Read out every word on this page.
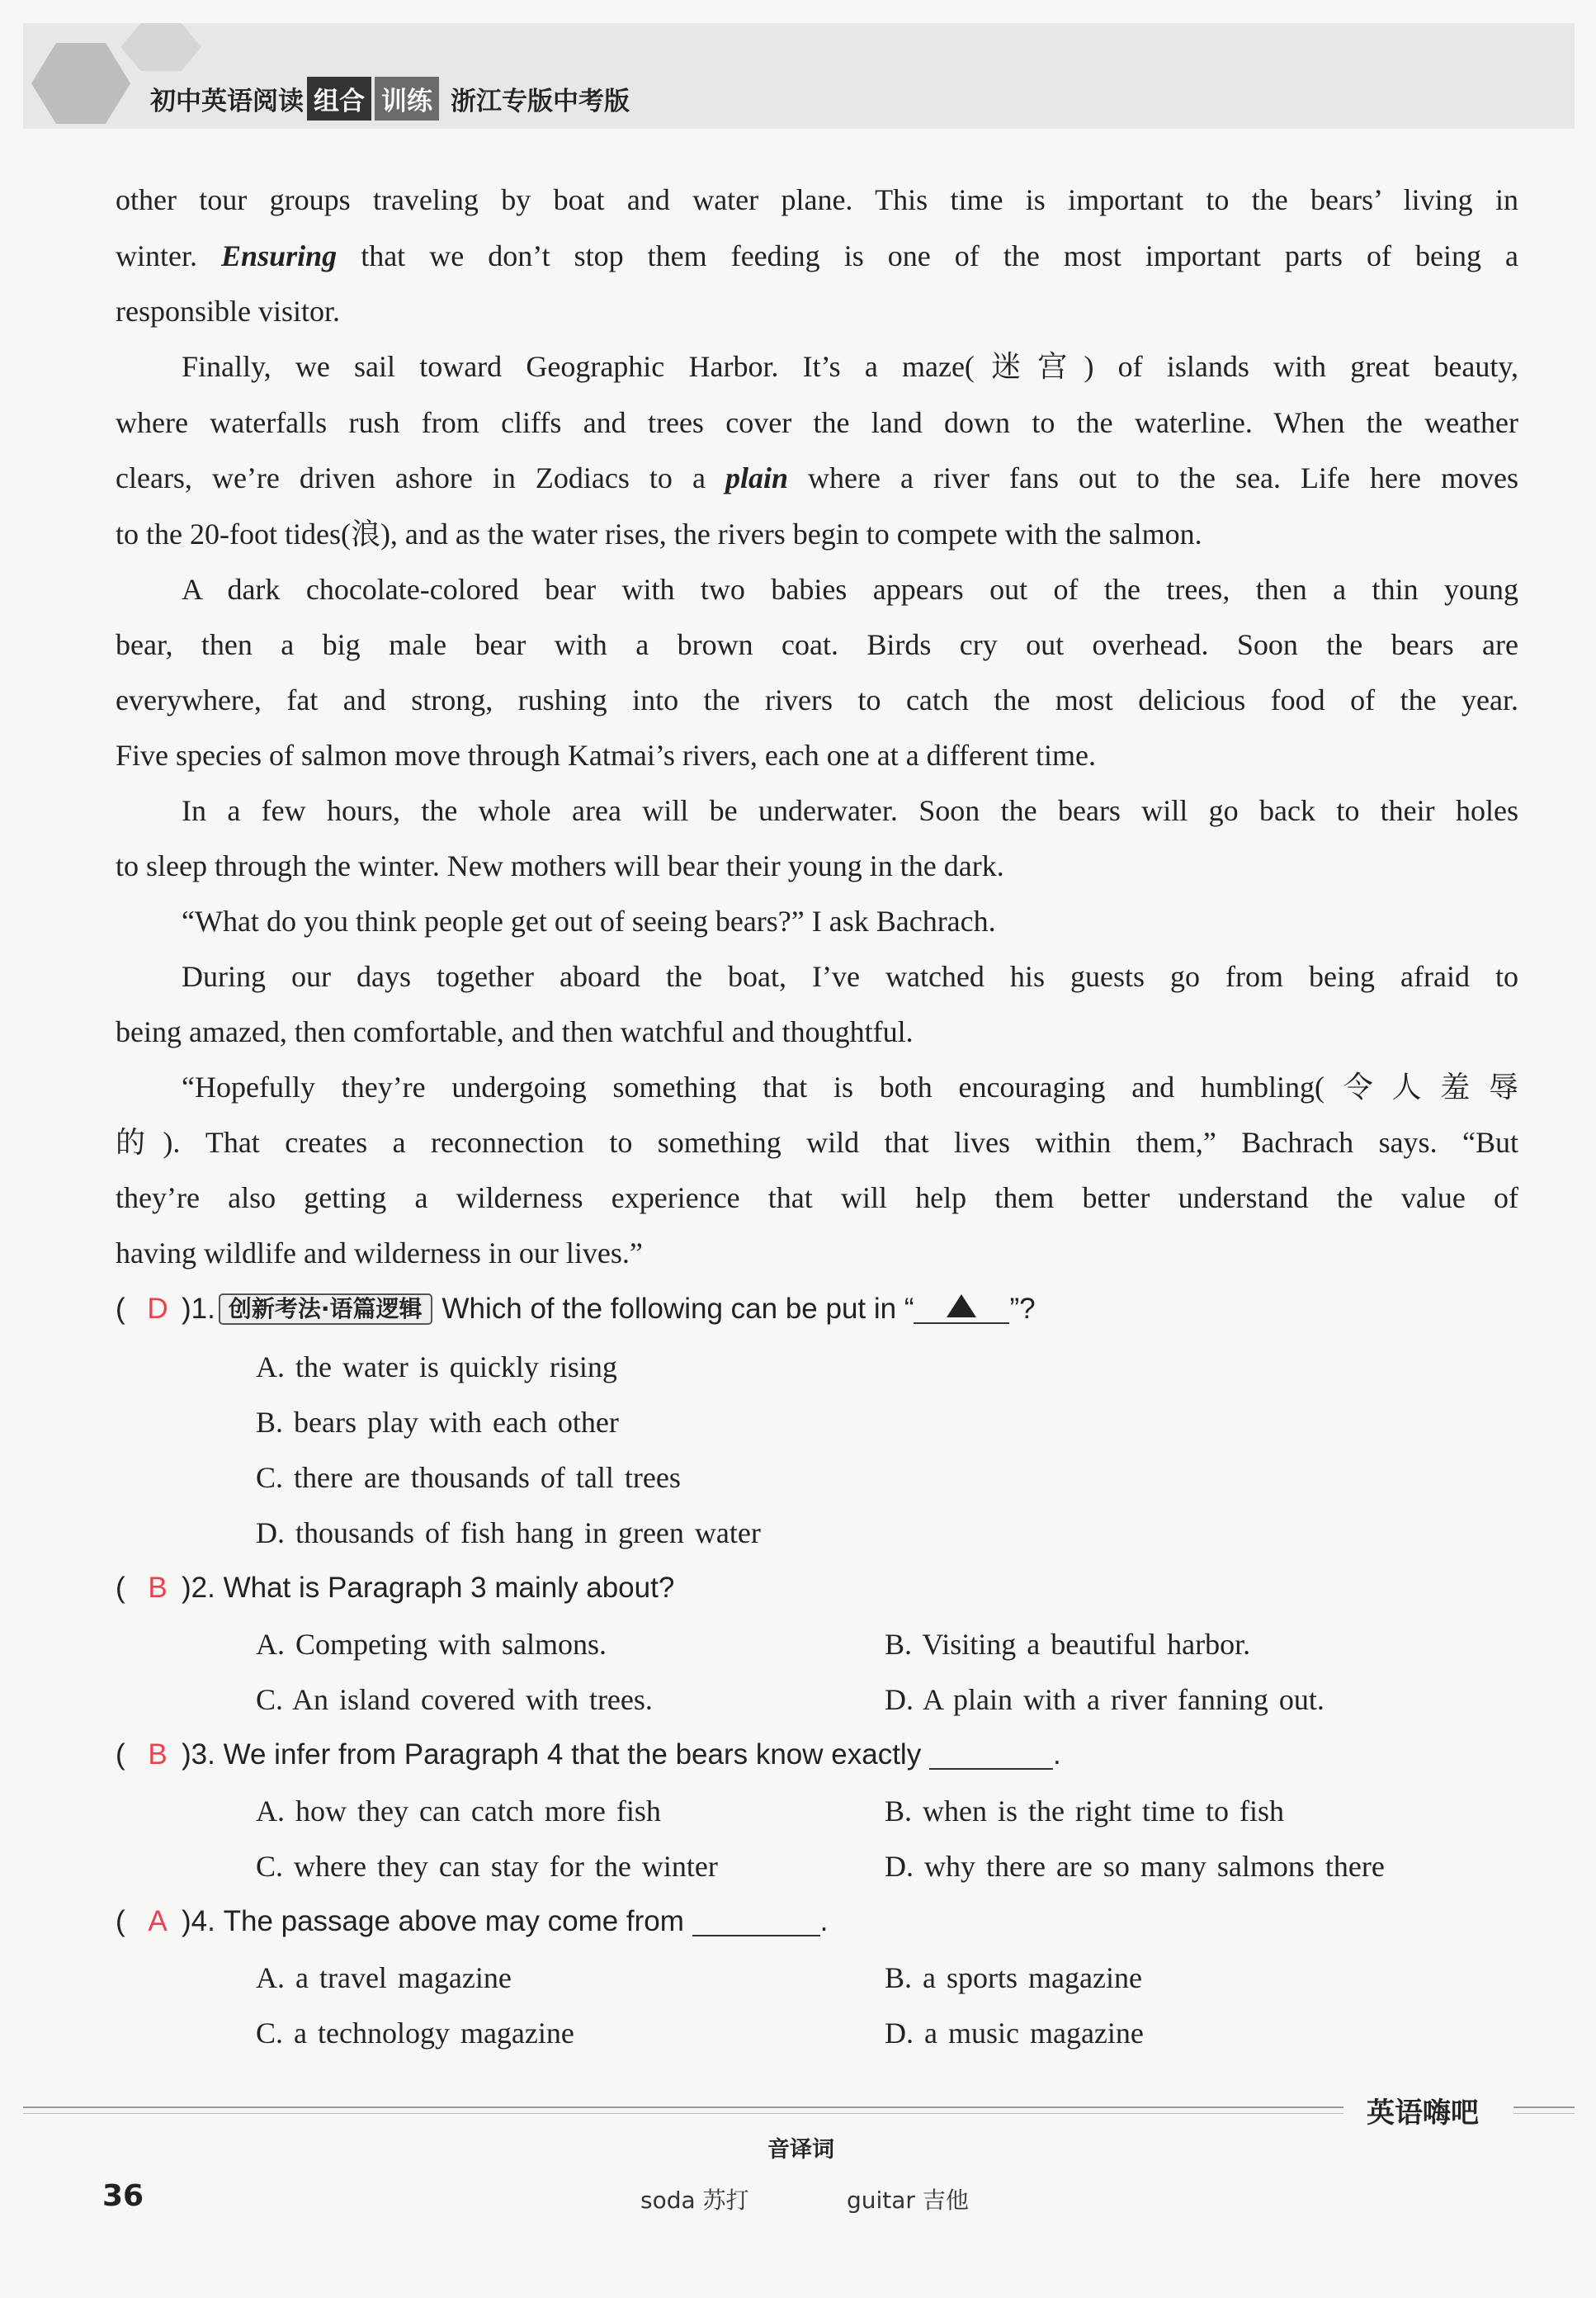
初中英语阅读 组合 训练 浙江专版中考版
other tour groups traveling by boat and water plane. This time is important to the bears’ living in
winter. Ensuring that we don’t stop them feeding is one of the most important parts of being a
responsible visitor.
Finally, we sail toward Geographic Harbor. It’s a maze(迷宫) of islands with great beauty,
where waterfalls rush from cliffs and trees cover the land down to the waterline. When the weather
clears, we’re driven ashore in Zodiacs to a plain where a river fans out to the sea. Life here moves
to the 20-foot tides(浪), and as the water rises, the rivers begin to compete with the salmon.
A dark chocolate-colored bear with two babies appears out of the trees, then a thin young
bear, then a big male bear with a brown coat. Birds cry out overhead. Soon the bears are
everywhere, fat and strong, rushing into the rivers to catch the most delicious food of the year.
Five species of salmon move through Katmai’s rivers, each one at a different time.
In a few hours, the whole area will be underwater. Soon the bears will go back to their holes
to sleep through the winter. New mothers will bear their young in the dark.
“What do you think people get out of seeing bears?” I ask Bachrach.
During our days together aboard the boat, I’ve watched his guests go from being afraid to
being amazed, then comfortable, and then watchful and thoughtful.
“Hopefully they’re undergoing something that is both encouraging and humbling(令人羞辱
的). That creates a reconnection to something wild that lives within them,” Bachrach says. “But
they’re also getting a wilderness experience that will help them better understand the value of
having wildlife and wilderness in our lives.”
( D ) 1. 创新考法·语篇逻辑 Which of the following can be put in “	”?
A. the water is quickly rising
B. bears play with each other
C. there are thousands of tall trees
D. thousands of fish hang in green water
( B ) 2.
What is Paragraph 3 mainly about?
A. Competing with salmons.	B. Visiting a beautiful harbor.
C. An island covered with trees.	D. A plain with a river fanning out.
( B ) 3.
We infer from Paragraph 4 that the bears know exactly
	.
A. how they can catch more fish	B. when is the right time to fish
C. where they can stay for the winter	D. why there are so many salmons there
( A ) 4.
The passage above may come from
	.
A. a travel magazine	B. a sports magazine
C. a technology magazine	D. a music magazine
英语嗨吧
音译词
36	soda 苏打	guitar 吉他
